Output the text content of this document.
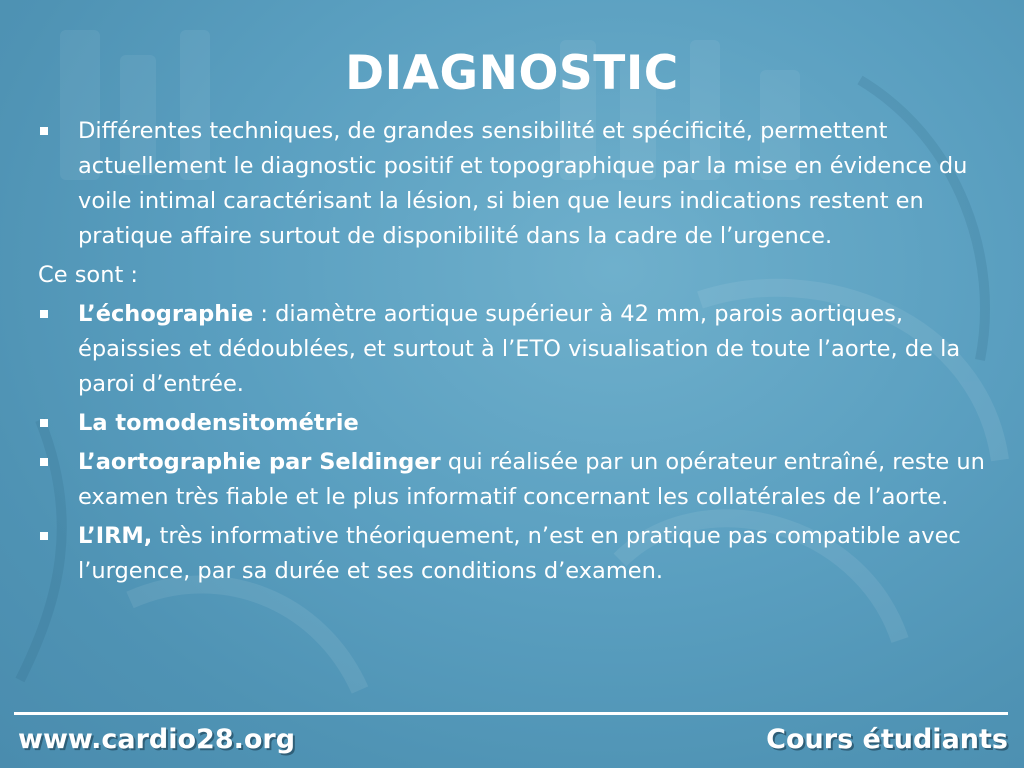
DIAGNOSTIC
Différentes techniques, de grandes sensibilité et spécificité, permettent actuellement le diagnostic positif et topographique par la mise en évidence du voile intimal caractérisant la lésion, si bien que leurs indications restent en pratique affaire surtout de disponibilité dans la cadre de l’urgence.
Ce sont :
L’échographie : diamètre aortique supérieur à 42 mm, parois aortiques, épaissies et dédoublées, et surtout à l’ETO visualisation de toute l’aorte, de la paroi d’entrée.
La tomodensitométrie
L’aortographie par Seldinger qui réalisée par un opérateur entraîné, reste un examen très fiable et le plus informatif concernant les collatérales de l’aorte.
L’IRM, très informative théoriquement, n’est en pratique pas compatible avec l’urgence, par sa durée et ses conditions d’examen.
www.cardio28.org	Cours étudiants
